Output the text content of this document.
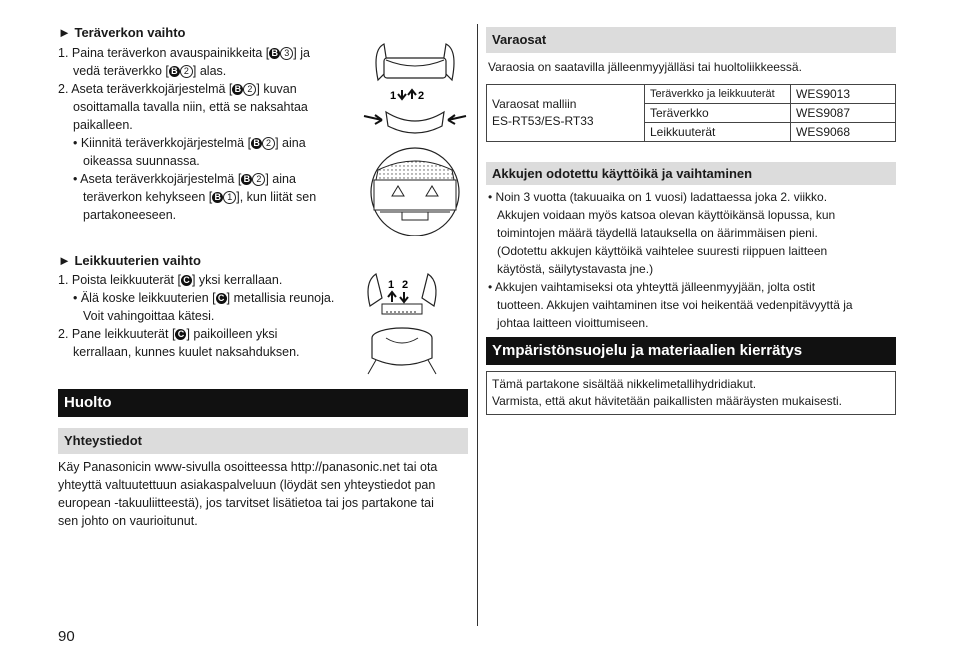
► Teräverkon vaihto
1. Paina teräverkon avauspainikkeita [ B 3 ] ja
vedä teräverkko [ B 2 ] alas.
2. Aseta teräverkkojärjestelmä [ B 2 ] kuvan
osoittamalla tavalla niin, että se naksahtaa
paikalleen.
• Kiinnitä teräverkkojärjestelmä [ B 2 ] aina
oikeassa suunnassa.
• Aseta teräverkkojärjestelmä [ B 2 ] aina
teräverkon kehykseen [ B 1 ], kun liität sen
partakoneeseen.
1 2
► Leikkuuterien vaihto
1. Poista leikkuuterät [ C ] yksi kerrallaan.
• Älä koske leikkuuterien [ C ] metallisia reunoja.
Voit vahingoittaa kätesi.
2. Pane leikkuuterät [ C ] paikoilleen yksi
kerrallaan, kunnes kuulet naksahduksen.
1 2
Huolto
Yhteystiedot
Käy Panasonicin www-sivulla osoitteessa http://panasonic.net tai ota
yhteyttä valtuutettuun asiakaspalveluun (löydät sen yhteystiedot pan
european -takuuliitteestä), jos tarvitset lisätietoa tai jos partakone tai
sen johto on vaurioitunut.
90
Varaosat
Varaosia on saatavilla jälleenmyyjälläsi tai huoltoliikkeessä.
Varaosat malliin
ES-RT53/ES-RT33	Teräverkko ja leikkuuterät	WES9013
	Teräverkko	WES9087
	Leikkuuterät	WES9068
Akkujen odotettu käyttöikä ja vaihtaminen
• Noin 3 vuotta (takuuaika on 1 vuosi) ladattaessa joka 2. viikko.
Akkujen voidaan myös katsoa olevan käyttöikänsä lopussa, kun
toimintojen määrä täydellä latauksella on äärimmäisen pieni.
(Odotettu akkujen käyttöikä vaihtelee suuresti riippuen laitteen
käytöstä, säilytystavasta jne.)
• Akkujen vaihtamiseksi ota yhteyttä jälleenmyyjään, jolta ostit
tuotteen. Akkujen vaihtaminen itse voi heikentää vedenpitävyyttä ja
johtaa laitteen vioittumiseen.
Ympäristönsuojelu ja materiaalien kierrätys
Tämä partakone sisältää nikkelimetallihydridiakut.
Varmista, että akut hävitetään paikallisten määräysten mukaisesti.
